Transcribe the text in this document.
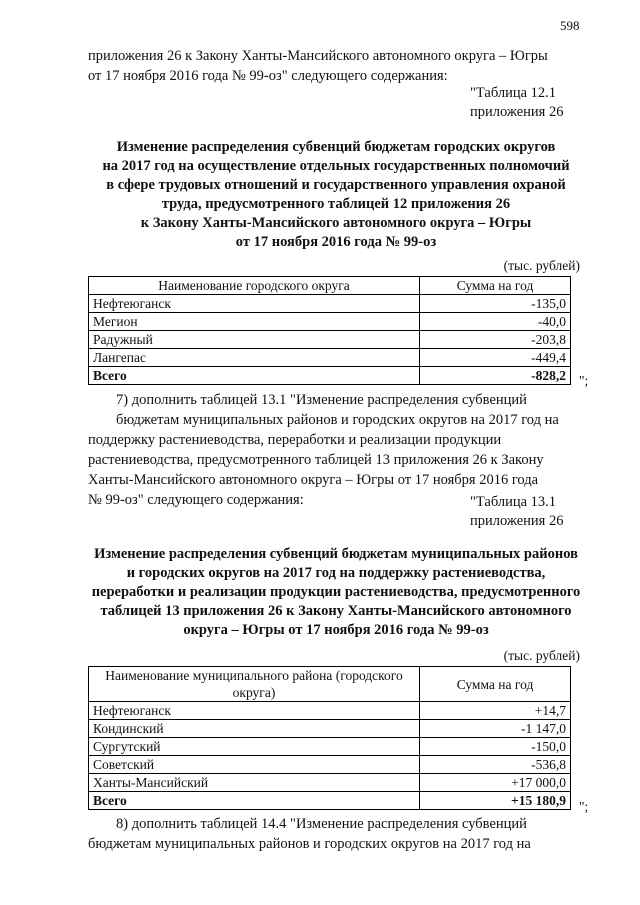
598
приложения 26 к Закону Ханты-Мансийского автономного округа – Югры
от 17 ноября 2016 года № 99-оз" следующего содержания:
"Таблица 12.1
приложения 26
Изменение распределения субвенций бюджетам городских округов
на 2017 год на осуществление отдельных государственных полномочий
в сфере трудовых отношений и государственного управления охраной
труда, предусмотренного таблицей 12 приложения 26
к Закону Ханты-Мансийского автономного округа – Югры
от 17 ноября 2016 года № 99-оз
(тыс. рублей)
Наименование городского округа	Сумма на год
Нефтеюганск	-135,0
Мегион	-40,0
Радужный	-203,8
Лангепас	-449,4
Всего	-828,2 ";
7) дополнить таблицей 13.1 "Изменение распределения субвенций
бюджетам муниципальных районов и городских округов на 2017 год на
поддержку растениеводства, переработки и реализации продукции
растениеводства, предусмотренного таблицей 13 приложения 26 к Закону
Ханты-Мансийского автономного округа – Югры от 17 ноября 2016 года
№ 99-оз" следующего содержания:	"Таблица 13.1
приложения 26
Изменение распределения субвенций бюджетам муниципальных районов
и городских округов на 2017 год на поддержку растениеводства,
переработки и реализации продукции растениеводства, предусмотренного
таблицей 13 приложения 26 к Закону Ханты-Мансийского автономного
округа – Югры от 17 ноября 2016 года № 99-оз
(тыс. рублей)
Наименование муниципального района (городского округа)	Сумма на год
Нефтеюганск	+14,7
Кондинский	-1 147,0
Сургутский	-150,0
Советский	-536,8
Ханты-Мансийский	+17 000,0
Всего	+15 180,9 ";
8) дополнить таблицей 14.4 "Изменение распределения субвенций
бюджетам муниципальных районов и городских округов на 2017 год на
